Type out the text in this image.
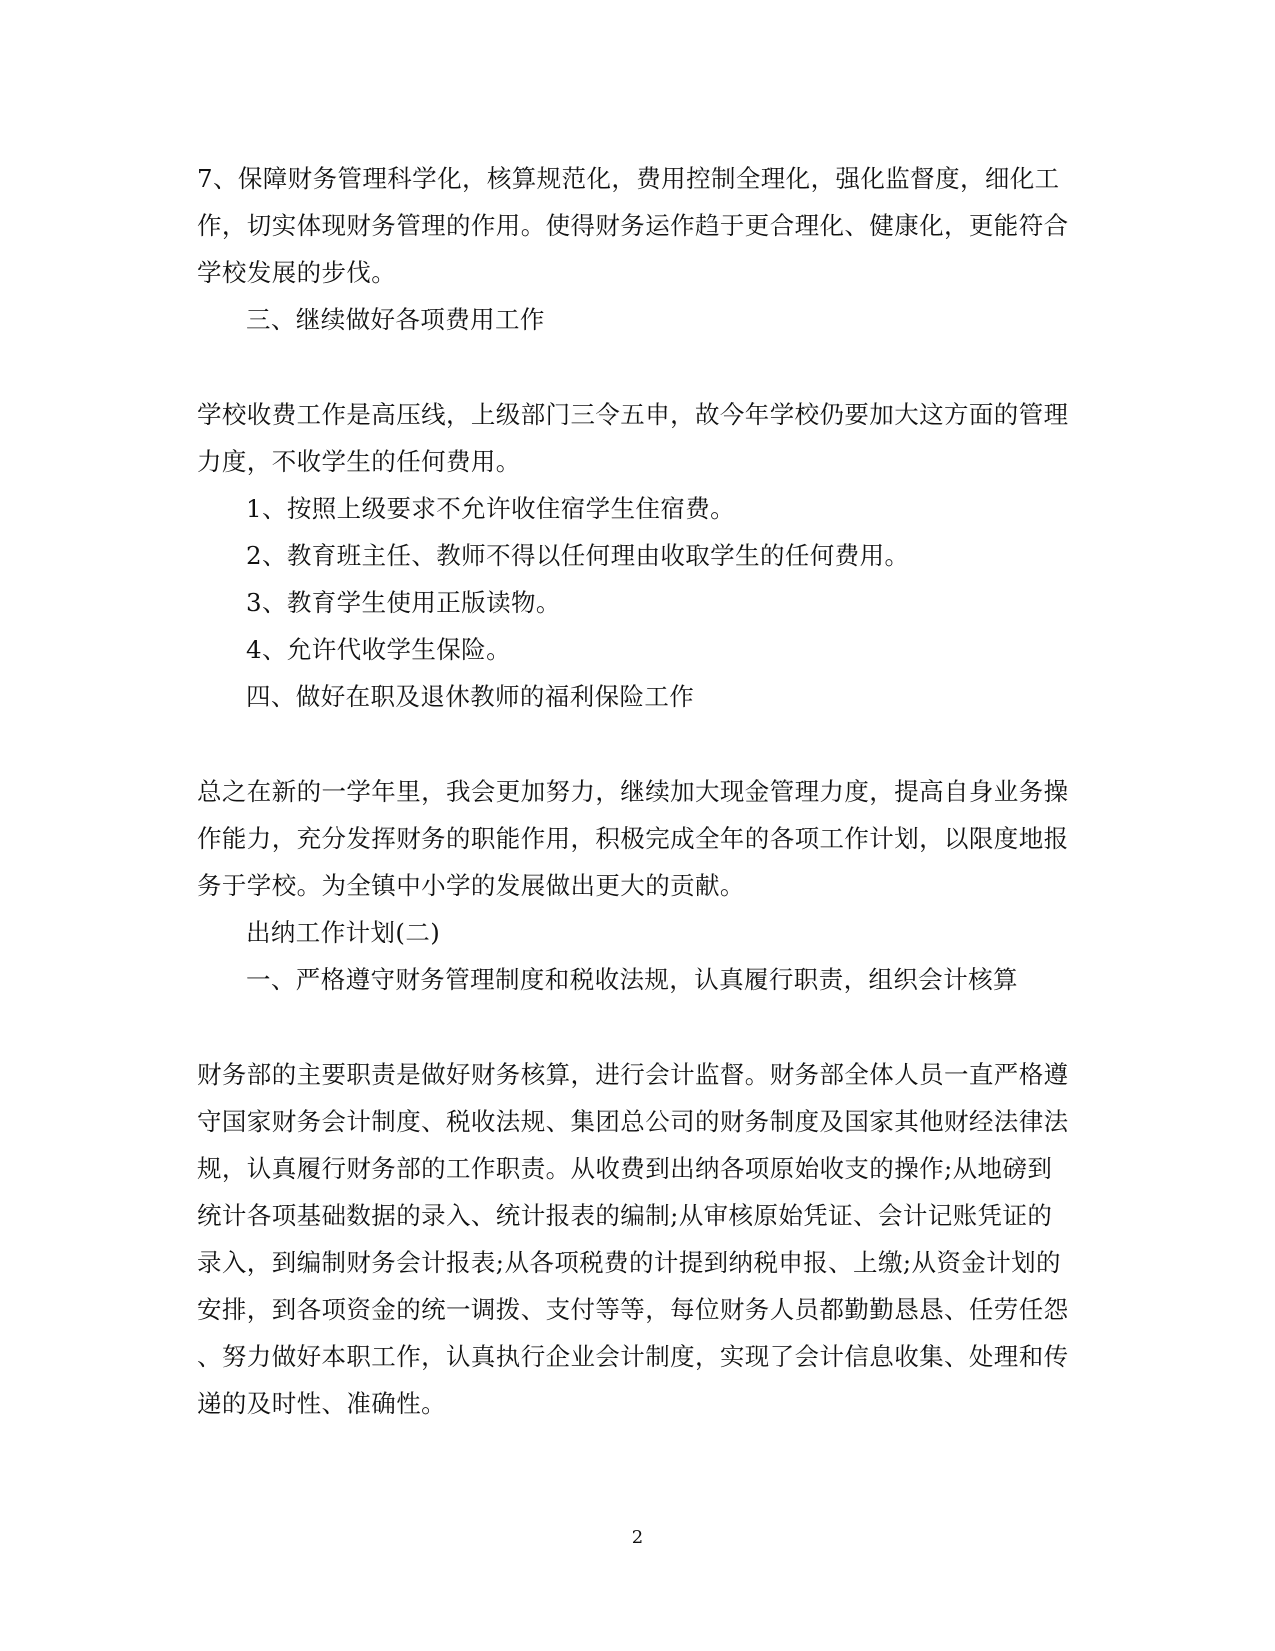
7、保障财务管理科学化，核算规范化，费用控制全理化，强化监督度，细化工
作，切实体现财务管理的作用。使得财务运作趋于更合理化、健康化，更能符合
学校发展的步伐。
三、继续做好各项费用工作
学校收费工作是高压线，上级部门三令五申，故今年学校仍要加大这方面的管理
力度，不收学生的任何费用。
1、按照上级要求不允许收住宿学生住宿费。
2、教育班主任、教师不得以任何理由收取学生的任何费用。
3、教育学生使用正版读物。
4、允许代收学生保险。
四、做好在职及退休教师的福利保险工作
总之在新的一学年里，我会更加努力，继续加大现金管理力度，提高自身业务操
作能力，充分发挥财务的职能作用，积极完成全年的各项工作计划，以限度地报
务于学校。为全镇中小学的发展做出更大的贡献。
出纳工作计划(二)
一、严格遵守财务管理制度和税收法规，认真履行职责，组织会计核算
财务部的主要职责是做好财务核算，进行会计监督。财务部全体人员一直严格遵
守国家财务会计制度、税收法规、集团总公司的财务制度及国家其他财经法律法
规，认真履行财务部的工作职责。从收费到出纳各项原始收支的操作;从地磅到
统计各项基础数据的录入、统计报表的编制;从审核原始凭证、会计记账凭证的
录入，到编制财务会计报表;从各项税费的计提到纳税申报、上缴;从资金计划的
安排，到各项资金的统一调拨、支付等等，每位财务人员都勤勤恳恳、任劳任怨
、努力做好本职工作，认真执行企业会计制度，实现了会计信息收集、处理和传
递的及时性、准确性。
2
